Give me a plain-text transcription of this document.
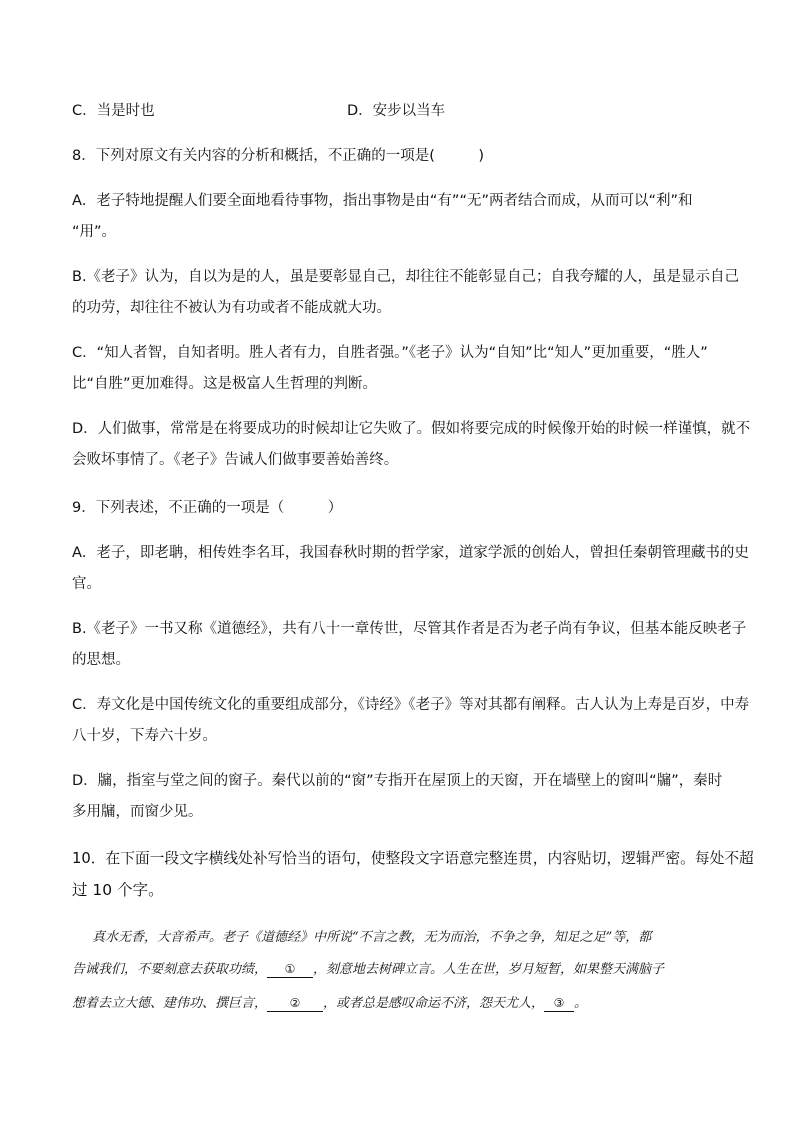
C．当是时也	D．安步以当车
8．下列对原文有关内容的分析和概括，不正确的一项是(　　　)
A．老子特地提醒人们要全面地看待事物，指出事物是由“有”“无”两者结合而成，从而可以“利”和
“用”。
B.《老子》认为，自以为是的人，虽是要彰显自己，却往往不能彰显自己；自我夸耀的人，虽是显示自己
的功劳，却往往不被认为有功或者不能成就大功。
C．“知人者智，自知者明。胜人者有力，自胜者强。”《老子》认为“自知”比“知人”更加重要，“胜人”
比“自胜”更加难得。这是极富人生哲理的判断。
D．人们做事，常常是在将要成功的时候却让它失败了。假如将要完成的时候像开始的时候一样谨慎，就不
会败坏事情了。《老子》告诫人们做事要善始善终。
9．下列表述，不正确的一项是（　　　）
A．老子，即老聃，相传姓李名耳，我国春秋时期的哲学家，道家学派的创始人，曾担任秦朝管理藏书的史
官。
B.《老子》一书又称《道德经》，共有八十一章传世，尽管其作者是否为老子尚有争议，但基本能反映老子
的思想。
C．寿文化是中国传统文化的重要组成部分，《诗经》《老子》等对其都有阐释。古人认为上寿是百岁，中寿
八十岁，下寿六十岁。
D．牖，指室与堂之间的窗子。秦代以前的“窗”专指开在屋顶上的天窗，开在墙壁上的窗叫“牖”，秦时
多用牖，而窗少见。
10．在下面一段文字横线处补写恰当的语句，使整段文字语意完整连贯，内容贴切，逻辑严密。每处不超
过 10 个字。
真水无香，大音希声。老子《道德经》中所说“不言之教，无为而治，不争之争，知足之足”等，都
告诫我们，不要刻意去获取功绩， ① ，刻意地去树碑立言。人生在世，岁月短暂，如果整天满脑子
想着去立大德、建伟功、撰巨言， ② ，或者总是感叹命运不济，怨天尤人， ③ 。
